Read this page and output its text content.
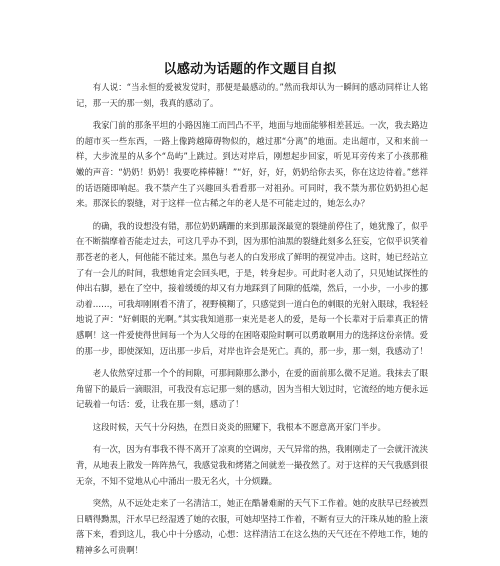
以感动为话题的作文题目自拟

有人说：“当永恒的爱被发觉时，那便是最感动的。”然而我却认为一瞬间的感动同样让人铭记，那一天的那一刻，我真的感动了。

我家门前的那条平坦的小路因施工而凹凸不平，地面与地面能够相差甚远。一次，我去路边的超市买一些东西，一路上像跨越障碍物似的，越过那“分离”的地面。走出超市，又和来前一样，大步流星的从多个“岛屿”上跳过。到达对岸后，刚想起步回家，听见耳旁传来了小孩那稚嫩的声音：“奶奶！奶奶！我要吃棒棒糖！”“好，好，好，奶奶给你去买，你在这边待着。”慈祥的话语随即响起。我不禁产生了兴趣回头看看那一对祖孙。可同时，我不禁为那位奶奶担心起来。那深长的裂缝，对于这样一位古稀之年的老人是不可能走过的，她怎么办？

的确，我的设想没有错，那位奶奶蹒跚的来到那最深最宽的裂缝前停住了，她犹豫了，似乎在不断揣摩着否能走过去，可这几乎办不到，因为那怕油黑的裂缝此刻多么狂妄，它似乎识笑着那苍老的老人，何他能不能过来。黑色与老人的白发形成了鲜明的视觉冲击。这时，她已经站立了有一会儿的时间，我想她肯定会回头吧，于是，转身起步。可此时老人动了，只见她试探性的伸出右脚，悬在了空中，接着缓缓的却又有力地踩到了间隙的低端，然后，一小步，一小步的挪动着……，可我却刚刚看不清了，视野模糊了，只感觉到一道白色的刺眼的光射入眼球，我轻轻地说了声：“好刺眼的光啊。”其实我知道那一束光是老人的爱，是每一个长辈对于后辈真正的情感啊！这一件爱使得世间每一个为人父母的在困咯艰险时啊可以勇敢啊用力的选择这份亲情。爱的那一步，即使深知，迈出那一步后，对岸也许会是死亡。真的，那一步，那一刻，我感动了！

老人依然穿过那一个个的间隙，可那间隙那么渺小，在爱的面前那么微不足道。我抹去了眼角留下的最后一滴眼泪，可我没有忘记那一刻的感动，因为当相大划过时，它流经的地方便永远记载着一句话：爱，让我在那一刻，感动了！

这段时候，天气十分闷热，在烈日炎炎的照耀下，我根本不愿意离开家门半步。

有一次，因为有事我不得不离开了凉爽的空调房，天气异常的热，我刚刚走了一会就汗流浃背，从地表上散发一阵阵热气，我感觉我和烤猪之间就差一撮孜然了。对于这样的天气我感到很无奈，不知不觉地从心中涌出一股无名火，十分烦躁。

突然，从不远处走来了一名清洁工，她正在酷暑难耐的天气下工作着。她的皮肤早已经被烈日晒得黝黑，汗水早已经湿透了她的衣服，可她却坚持工作着，不断有豆大的汗珠从她的脸上滚落下来，看到这儿，我心中十分感动，心想：这样清洁工在这么热的天气还在不停地工作，她的精神多么可贵啊！
